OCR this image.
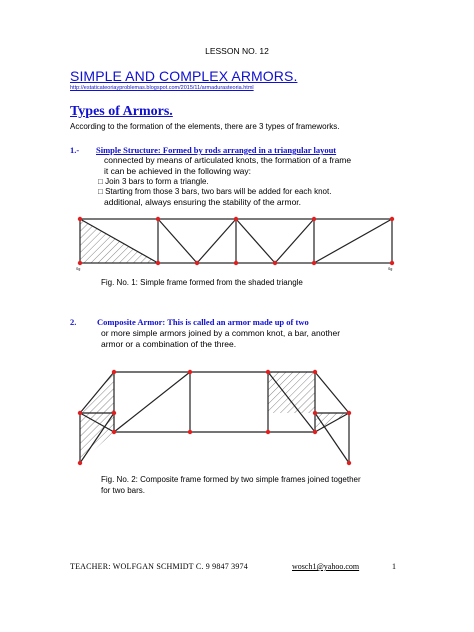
LESSON NO. 12
SIMPLE AND COMPLEX ARMORS.
http://estaticateoriayproblemas.blogspot.com/2015/11/armadurasteoria.html
Types of Armors.
According to the formation of the elements, there are 3 types of frameworks.
1.- Simple Structure: Formed by rods arranged in a triangular layout
connected by means of articulated knots, the formation of a frame
it can be achieved in the following way:
□ Join 3 bars to form a triangle.
□ Starting from those 3 bars, two bars will be added for each knot.
additional, always ensuring the stability of the armor.
Sg	Sg
Fig. No. 1: Simple frame formed from the shaded triangle
2. Composite Armor: This is called an armor made up of two
or more simple armors joined by a common knot, a bar, another
armor or a combination of the three.
Fig. No. 2: Composite frame formed by two simple frames joined together
for two bars.
TEACHER: WOLFGAN SCHMIDT C. 9 9847 3974	wosch1@yahoo.com	1
